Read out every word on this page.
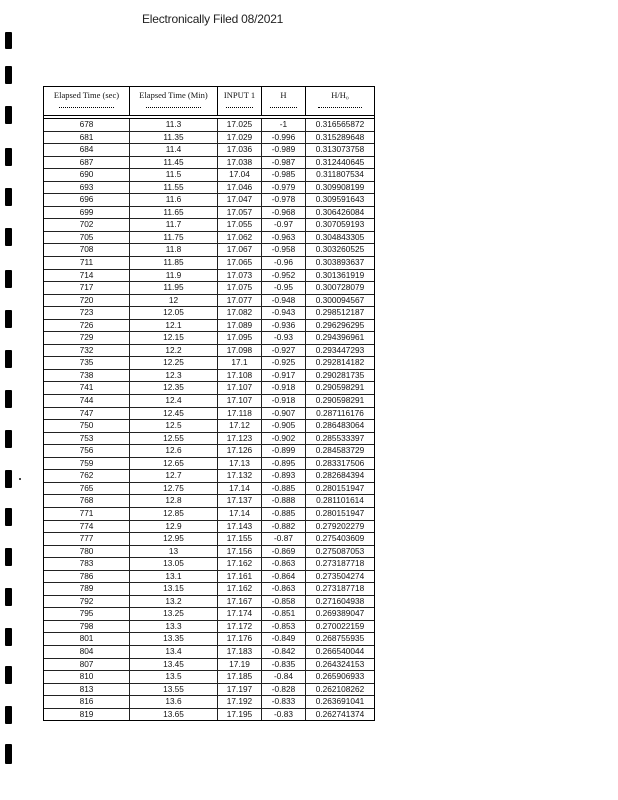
Electronically Filed 08/2021
Elapsed Time (sec)	Elapsed Time (Min)	INPUT 1	H	H/H₀
678	11.3	17.025	-1	0.316565872
681	11.35	17.029	-0.996	0.315289648
684	11.4	17.036	-0.989	0.313073758
687	11.45	17.038	-0.987	0.312440645
690	11.5	17.04	-0.985	0.311807534
693	11.55	17.046	-0.979	0.309908199
696	11.6	17.047	-0.978	0.309591643
699	11.65	17.057	-0.968	0.306426084
702	11.7	17.055	-0.97	0.307059193
705	11.75	17.062	-0.963	0.304843305
708	11.8	17.067	-0.958	0.303260525
711	11.85	17.065	-0.96	0.303893637
714	11.9	17.073	-0.952	0.301361919
717	11.95	17.075	-0.95	0.300728079
720	12	17.077	-0.948	0.300094567
723	12.05	17.082	-0.943	0.298512187
726	12.1	17.089	-0.936	0.296296295
729	12.15	17.095	-0.93	0.294396961
732	12.2	17.098	-0.927	0.293447293
735	12.25	17.1	-0.925	0.292814182
738	12.3	17.108	-0.917	0.290281735
741	12.35	17.107	-0.918	0.290598291
744	12.4	17.107	-0.918	0.290598291
747	12.45	17.118	-0.907	0.287116176
750	12.5	17.12	-0.905	0.286483064
753	12.55	17.123	-0.902	0.285533397
756	12.6	17.126	-0.899	0.284583729
759	12.65	17.13	-0.895	0.283317506
762	12.7	17.132	-0.893	0.282684394
765	12.75	17.14	-0.885	0.280151947
768	12.8	17.137	-0.888	0.281101614
771	12.85	17.14	-0.885	0.280151947
774	12.9	17.143	-0.882	0.279202279
777	12.95	17.155	-0.87	0.275403609
780	13	17.156	-0.869	0.275087053
783	13.05	17.162	-0.863	0.273187718
786	13.1	17.161	-0.864	0.273504274
789	13.15	17.162	-0.863	0.273187718
792	13.2	17.167	-0.858	0.271604938
795	13.25	17.174	-0.851	0.269389047
798	13.3	17.172	-0.853	0.270022159
801	13.35	17.176	-0.849	0.268755935
804	13.4	17.183	-0.842	0.266540044
807	13.45	17.19	-0.835	0.264324153
810	13.5	17.185	-0.84	0.265906933
813	13.55	17.197	-0.828	0.262108262
816	13.6	17.192	-0.833	0.263691041
819	13.65	17.195	-0.83	0.262741374
